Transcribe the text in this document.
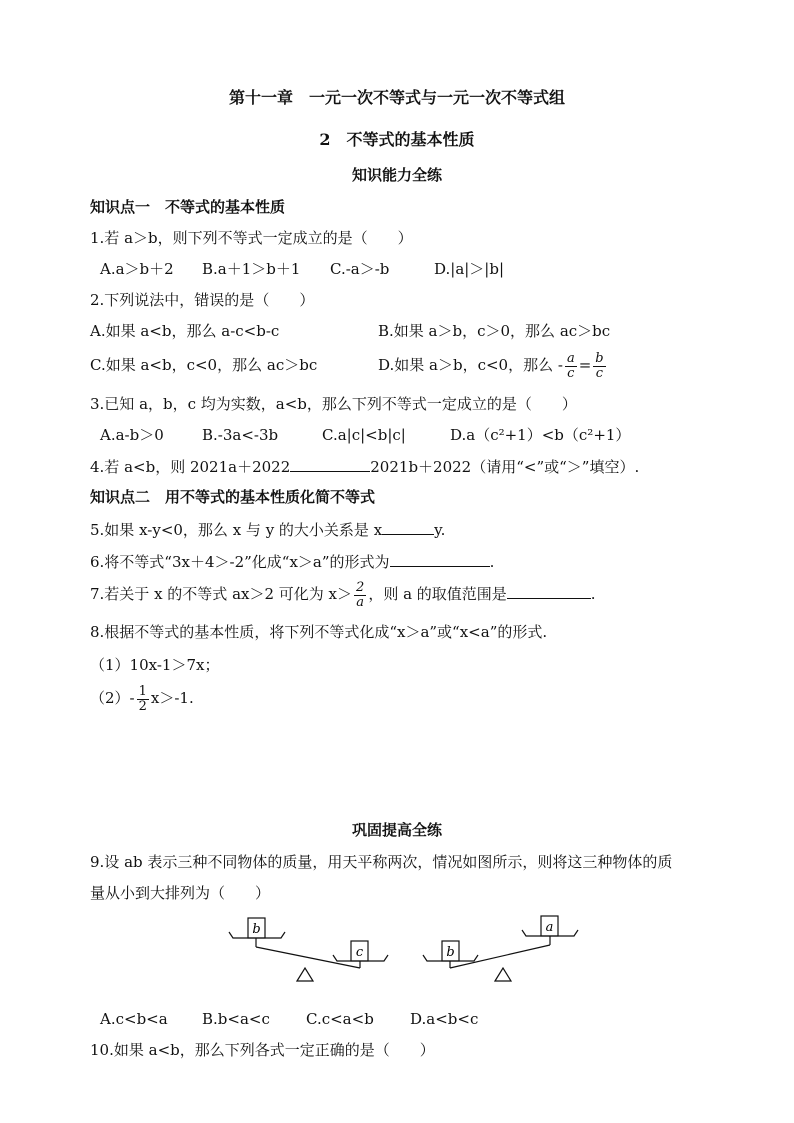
第十一章　一元一次不等式与一元一次不等式组
2　不等式的基本性质
知识能力全练
知识点一　不等式的基本性质
1.若 a＞b，则下列不等式一定成立的是（　　）
A.a＞b＋2 B.a＋1＞b＋1 C.-a＞-b	D.|a|＞|b|
2.下列说法中，错误的是（　　）
A.如果 a<b，那么 a-c<b-c	B.如果 a＞b，c＞0，那么 ac＞bc
C.如果 a<b，c<0，那么 ac＞bc	D.如果 a＞b，c<0，那么 - $\frac{a}{c} = \frac{b}{c}$
3.已知 a，b，c 均为实数，a<b，那么下列不等式一定成立的是（　　）
A.a-b＞0	B.-3a<-3b	C.a|c|<b|c|	D.a（c²+1）<b（c²+1）
4.若 a<b，则 2021a＋2022	2021b＋2022（请用“<”或“＞”填空）.
知识点二　用不等式的基本性质化简不等式
5.如果 x-y<0，那么 x 与 y 的大小关系是 x	y.
6.将不等式“3x＋4＞-2”化成“x＞a”的形式为	.
7.若关于 x 的不等式 ax＞2 可化为 $x> \frac{2}{a}$ ，则 a 的取值范围是	.
8.根据不等式的基本性质，将下列不等式化成“x＞a”或“x<a”的形式.
（1）10x-1＞7x；
$(2)- \frac{1}{2} x>-1$.
巩固提高全练
9.设 ab 表示三种不同物体的质量，用天平称两次，情况如图所示，则将这三种物体的质
量从小到大排列为（　　）
b
c	b
a
A.c<b<a B.b<a<c C.c<a<b D.a<b<c
10.如果 a<b，那么下列各式一定正确的是（　　）
